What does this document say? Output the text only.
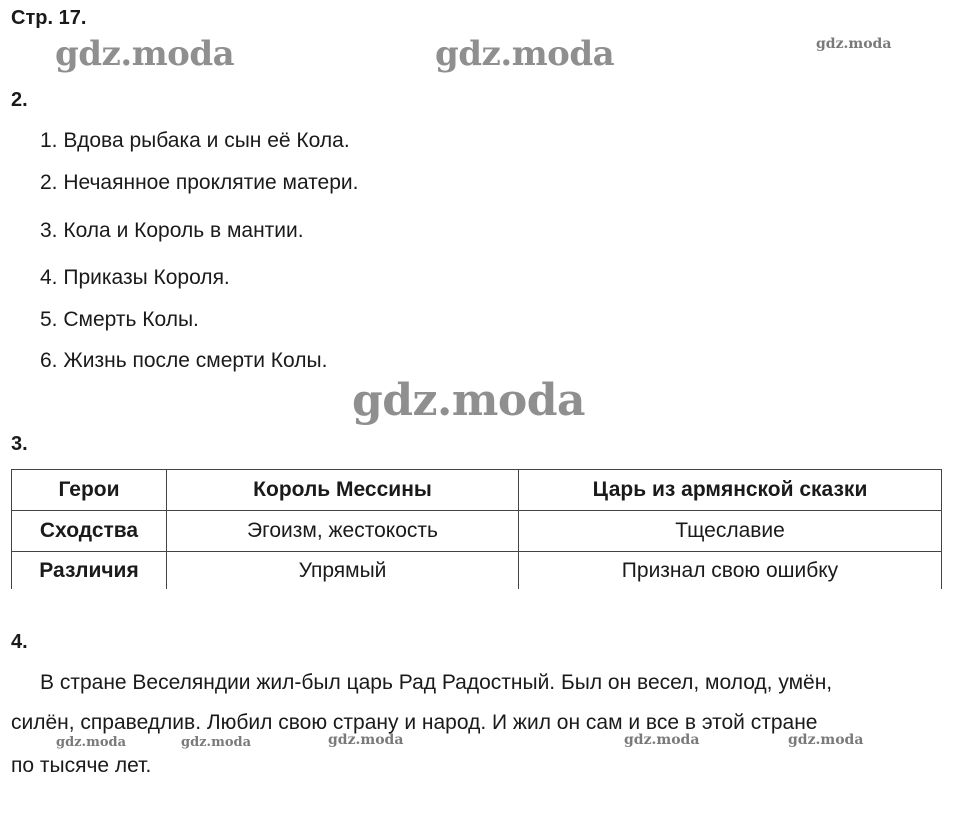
Стр. 17.
gdz.moda	gdz.moda	gdz.moda
2.
1. Вдова рыбака и сын её Кола.
2. Нечаянное проклятие матери.
3. Кола и Король в мантии.
4. Приказы Короля.
5. Смерть Колы.
6. Жизнь после смерти Колы.
gdz.moda
3.
Герои	Король Мессины	Царь из армянской сказки
Сходства	Эгоизм, жестокость	Тщеславие
Различия	Упрямый	Признал свою ошибку
4.
В стране Веселяндии жил-был царь Рад Радостный. Был он весел, молод, умён,
силён, справедлив. Любил свою страну и народ. И жил он сам и все в этой стране
по тысяче лет.
gdz.moda	gdz.moda	gdz.moda	gdz.moda	gdz.moda
